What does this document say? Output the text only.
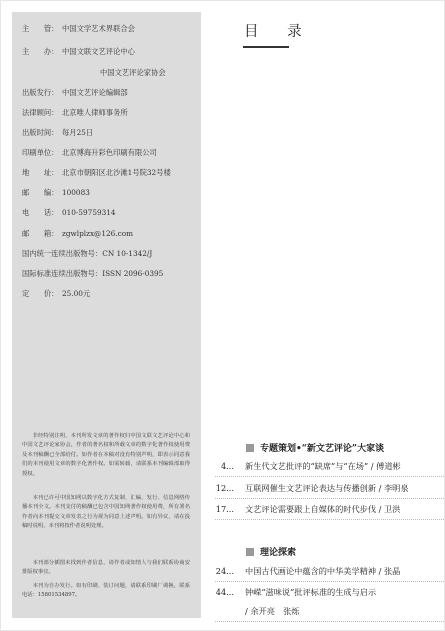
主　　管： 中国文学艺术界联合会
主　　办： 中国文联文艺评论中心
中国文艺评论家协会
出版发行： 中国文艺评论编辑部
法律顾问： 北京唯人律师事务所
出版时间： 每月25日
印刷单位： 北京博海升彩色印刷有限公司
地　　址： 北京市朝阳区北沙滩1号院32号楼
邮　　编： 100083
电　　话： 010-59759314
邮　　箱： zgwlplzx@126.com
国内统一连续出版物号：CN 10-1342/J
国际标准连续出版物号：ISSN 2096-0395
定　　价： 25.00元
非经特别注明，本刊所发文章的著作权归中国文联文艺评论中心和中国文艺评论家协会，作者的著名权和所载文章的数字化著作权使用费及本刊稿酬已全部给付。如作者在本稿对没有特别声明，即表示同意我们的本刊使用文章的数字化著作权。如需转载，请联系本刊编辑部取得授权。
本刊已许可中国知网以数字化方式复制、汇编、发行、信息网络传播本刊全文。本刊支付的稿酬已包含中国知网著作权使用费，所有署名作者向本刊提交文章发表之行为视为同意上述声明。如有异议，请在投稿时说明，本刊将按作者说明处理。
本刊部分插图未找到作者信息，请作者或知情人与我们联系协商安排版权事宜。
本刊为自办发行。如有印刷、装订问题，请联系印刷厂调换，联系电话：15801534897。
目 录
专题策划•“新文艺评论”大家谈
4... 新生代文艺批评的“缺席”与“在场” / 傅道彬
12... 互联网催生文艺评论表达与传播创新 / 李明泉
17... 文艺评论需要跟上自媒体的时代步伐 / 卫洪
理论探索
24... 中国古代画论中蕴含的中华美学精神 / 张晶
44... 钟嵘“滋味说”批评标准的生成与启示
/ 余开亮　张烁
